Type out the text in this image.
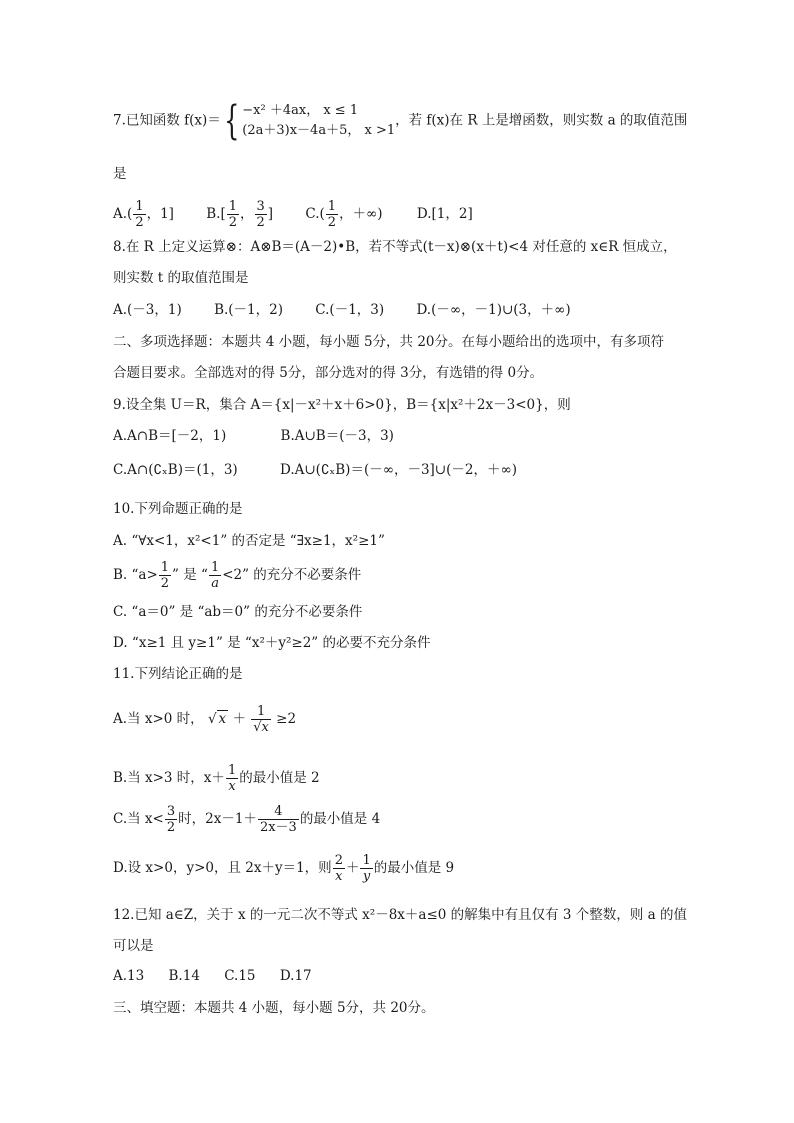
7.已知函数 f(x)＝{ −x² ＋4ax， x ≤ 1
(2a＋3)x－4a＋5， x >1
，若 f(x)在 R 上是增函数，则实数 a 的取值范围
是
$A.( \frac{1}{2}$ ，1] $B.[ \frac{1}{2}$ ， $\frac{3}{2}$ ] $C.( \frac{1}{2}$ ，＋∞)	D.[1，2]
8.在 R 上定义运算⊗：A⊗B＝(A－2)•B，若不等式(t－x)⊗(x＋t)<4 对任意的 x∈R 恒成立，
则实数 t 的取值范围是
A.(－3，1) B.(－1，2) C.(－1，3) D.(－∞，－1)∪(3，＋∞)
二、多项选择题：本题共 4 小题，每小题 5分，共 20分。在每小题给出的选项中，有多项符
合题目要求。全部选对的得 5分，部分选对的得 3分，有选错的得 0分。
9.设全集 U＝R，集合 A＝{x|－x²＋x＋6>0}，B＝{x|x²＋2x－3<0}，则
A.A∩B＝[－2，1)	B.A∪B＝(－3，3)
C.A∩(∁ₓB)＝(1，3)	D.A∪(∁ₓB)＝(－∞，－3]∪(－2，＋∞)
10.下列命题正确的是
A. “∀x<1，x²<1” 的否定是 “∃x≥1，x²≥1”
B. “$a> \frac{1}{2}$ ” 是 “ $\frac{1}{a} <2$” 的充分不必要条件
C. “a＝0” 是 “ab＝0” 的充分不必要条件
D. “x≥1 且 y≥1” 是 “x²＋y²≥2” 的必要不充分条件
11.下列结论正确的是
A.当 x>0 时， √ $x + \frac{1}{√x} \ge 2$
B.当 x>3 时，$x+ \frac{1}{x}$ 的最小值是 2
C.当 $x< \frac{3}{2}$ 时，$2x-1+ \frac{4}{2x-3}$ 的最小值是 4
D.设 x>0，y>0，且 2x＋y＝1，则 $\frac{2}{x} + \frac{1}{y}$ 的最小值是 9
12.已知 a∈Z，关于 x 的一元二次不等式 x²－8x＋a≤0 的解集中有且仅有 3 个整数，则 a 的值
可以是
A.13 B.14 C.15 D.17
三、填空题：本题共 4 小题，每小题 5分，共 20分。
